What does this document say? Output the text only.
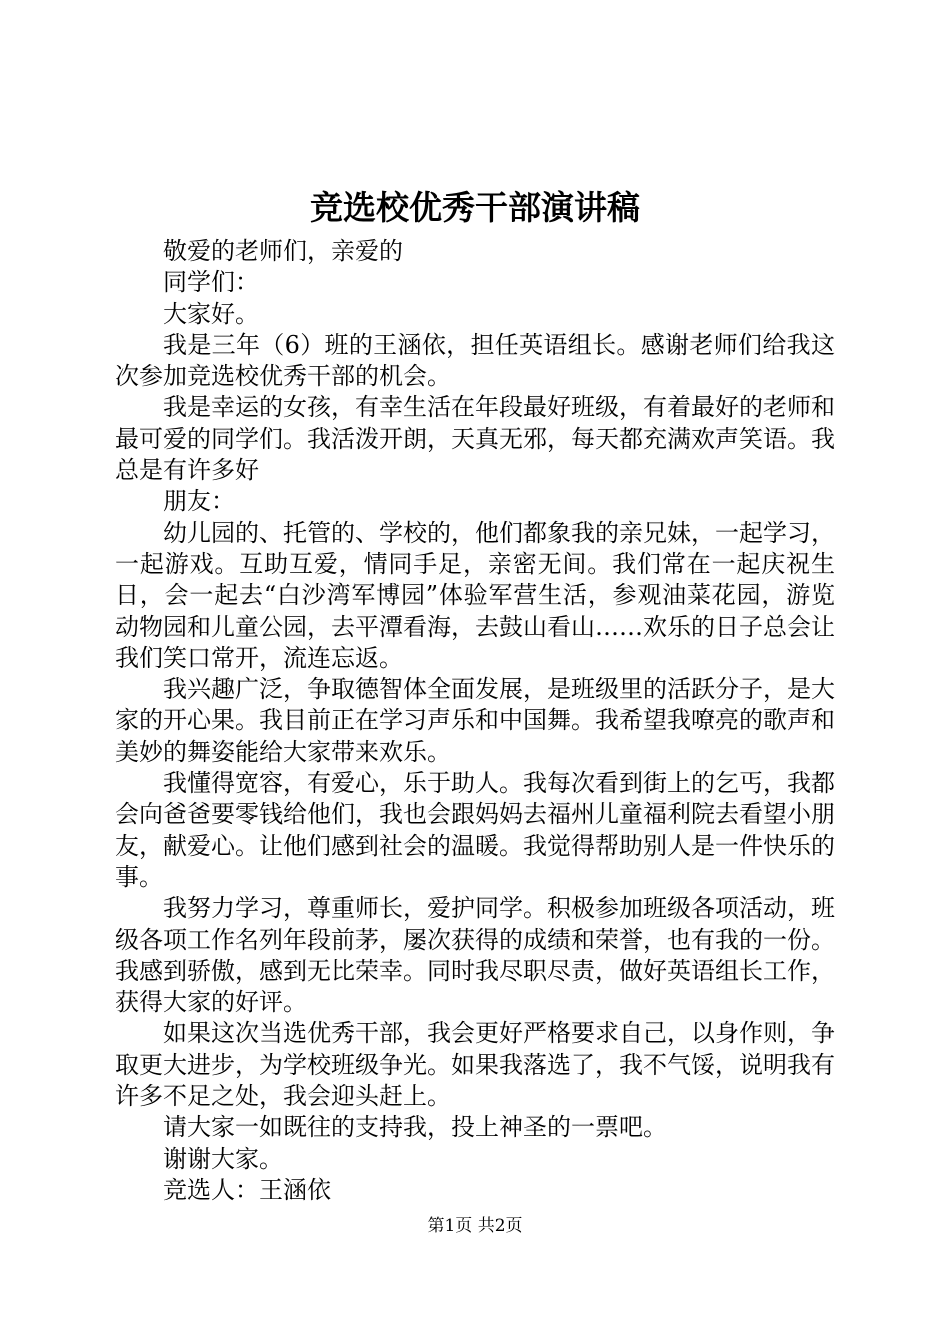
竞选校优秀干部演讲稿

敬爱的老师们，亲爱的

同学们：

大家好。

我是三年（6）班的王涵依，担任英语组长。感谢老师们给我这次参加竞选校优秀干部的机会。

我是幸运的女孩，有幸生活在年段最好班级，有着最好的老师和最可爱的同学们。我活泼开朗，天真无邪，每天都充满欢声笑语。我总是有许多好

朋友：

幼儿园的、托管的、学校的，他们都象我的亲兄妹，一起学习，一起游戏。互助互爱，情同手足，亲密无间。我们常在一起庆祝生日，会一起去“白沙湾军博园”体验军营生活，参观油菜花园，游览动物园和儿童公园，去平潭看海，去鼓山看山……欢乐的日子总会让我们笑口常开，流连忘返。

我兴趣广泛，争取德智体全面发展，是班级里的活跃分子，是大家的开心果。我目前正在学习声乐和中国舞。我希望我嘹亮的歌声和美妙的舞姿能给大家带来欢乐。

我懂得宽容，有爱心，乐于助人。我每次看到街上的乞丐，我都会向爸爸要零钱给他们，我也会跟妈妈去福州儿童福利院去看望小朋友，献爱心。让他们感到社会的温暖。我觉得帮助别人是一件快乐的事。

我努力学习，尊重师长，爱护同学。积极参加班级各项活动，班级各项工作名列年段前茅，屡次获得的成绩和荣誉，也有我的一份。我感到骄傲，感到无比荣幸。同时我尽职尽责，做好英语组长工作，获得大家的好评。

如果这次当选优秀干部，我会更好严格要求自己，以身作则，争取更大进步，为学校班级争光。如果我落选了，我不气馁，说明我有许多不足之处，我会迎头赶上。

请大家一如既往的支持我，投上神圣的一票吧。

谢谢大家。

竞选人：王涵依

第1页 共2页
